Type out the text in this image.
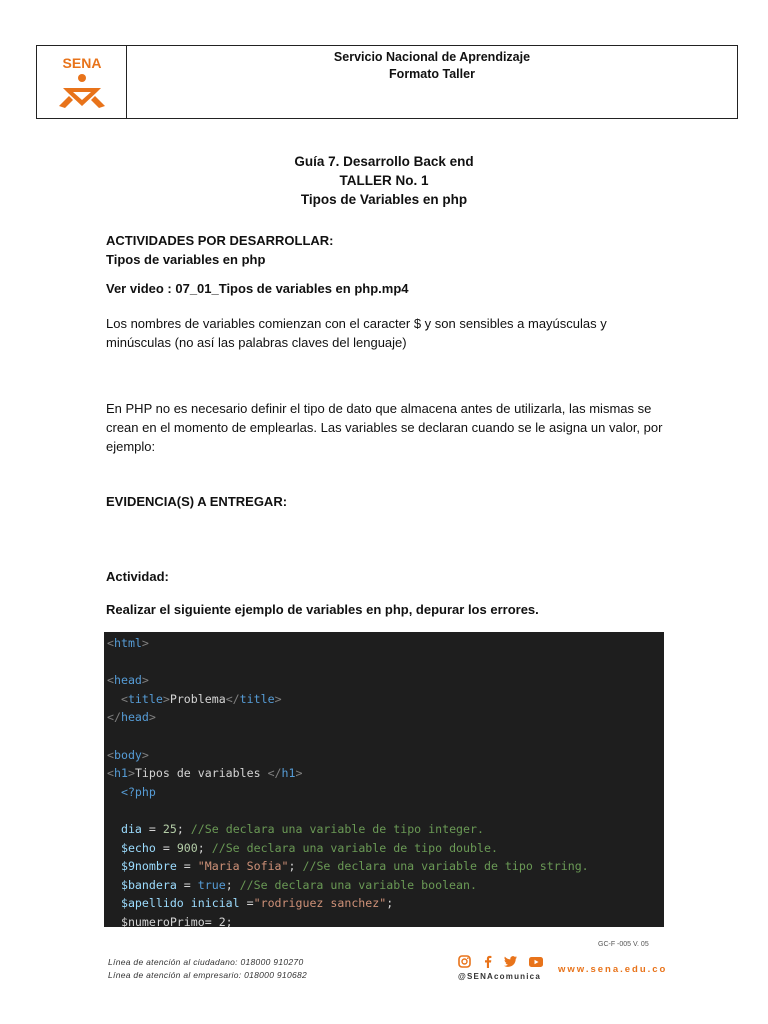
SENA	Servicio Nacional de Aprendizaje
Formato Taller
Guía 7. Desarrollo Back end
TALLER No. 1
Tipos de Variables en php
ACTIVIDADES POR DESARROLLAR:
Tipos de variables en php
Ver video : 07_01_Tipos de variables en php.mp4
Los nombres de variables comienzan con el caracter $ y son sensibles a mayúsculas y minúsculas (no así las palabras claves del lenguaje)
En PHP no es necesario definir el tipo de dato que almacena antes de utilizarla, las mismas se crean en el momento de emplearlas. Las variables se declaran cuando se le asigna un valor, por ejemplo:
EVIDENCIA(S) A ENTREGAR:
Actividad:
Realizar el siguiente ejemplo de variables en php, depurar los errores.
<html>

<head>
<title>Problema</title>
</head>

<body>
<h1>Tipos de variables </h1>
<?php

dia = 25; //Se declara una variable de tipo integer.
$echo = 900; //Se declara una variable de tipo double.
$9nombre = "Maria Sofia"; //Se declara una variable de tipo string.
$bandera = true; //Se declara una variable boolean.
$apellido inicial ="rodriguez sanchez";
$numeroPrimo= 2;
GC-F -005 V. 05
Línea de atención al ciudadano: 018000 910270
Línea de atención al empresario: 018000 910682	@SENAcomunica
www.sena.edu.co
